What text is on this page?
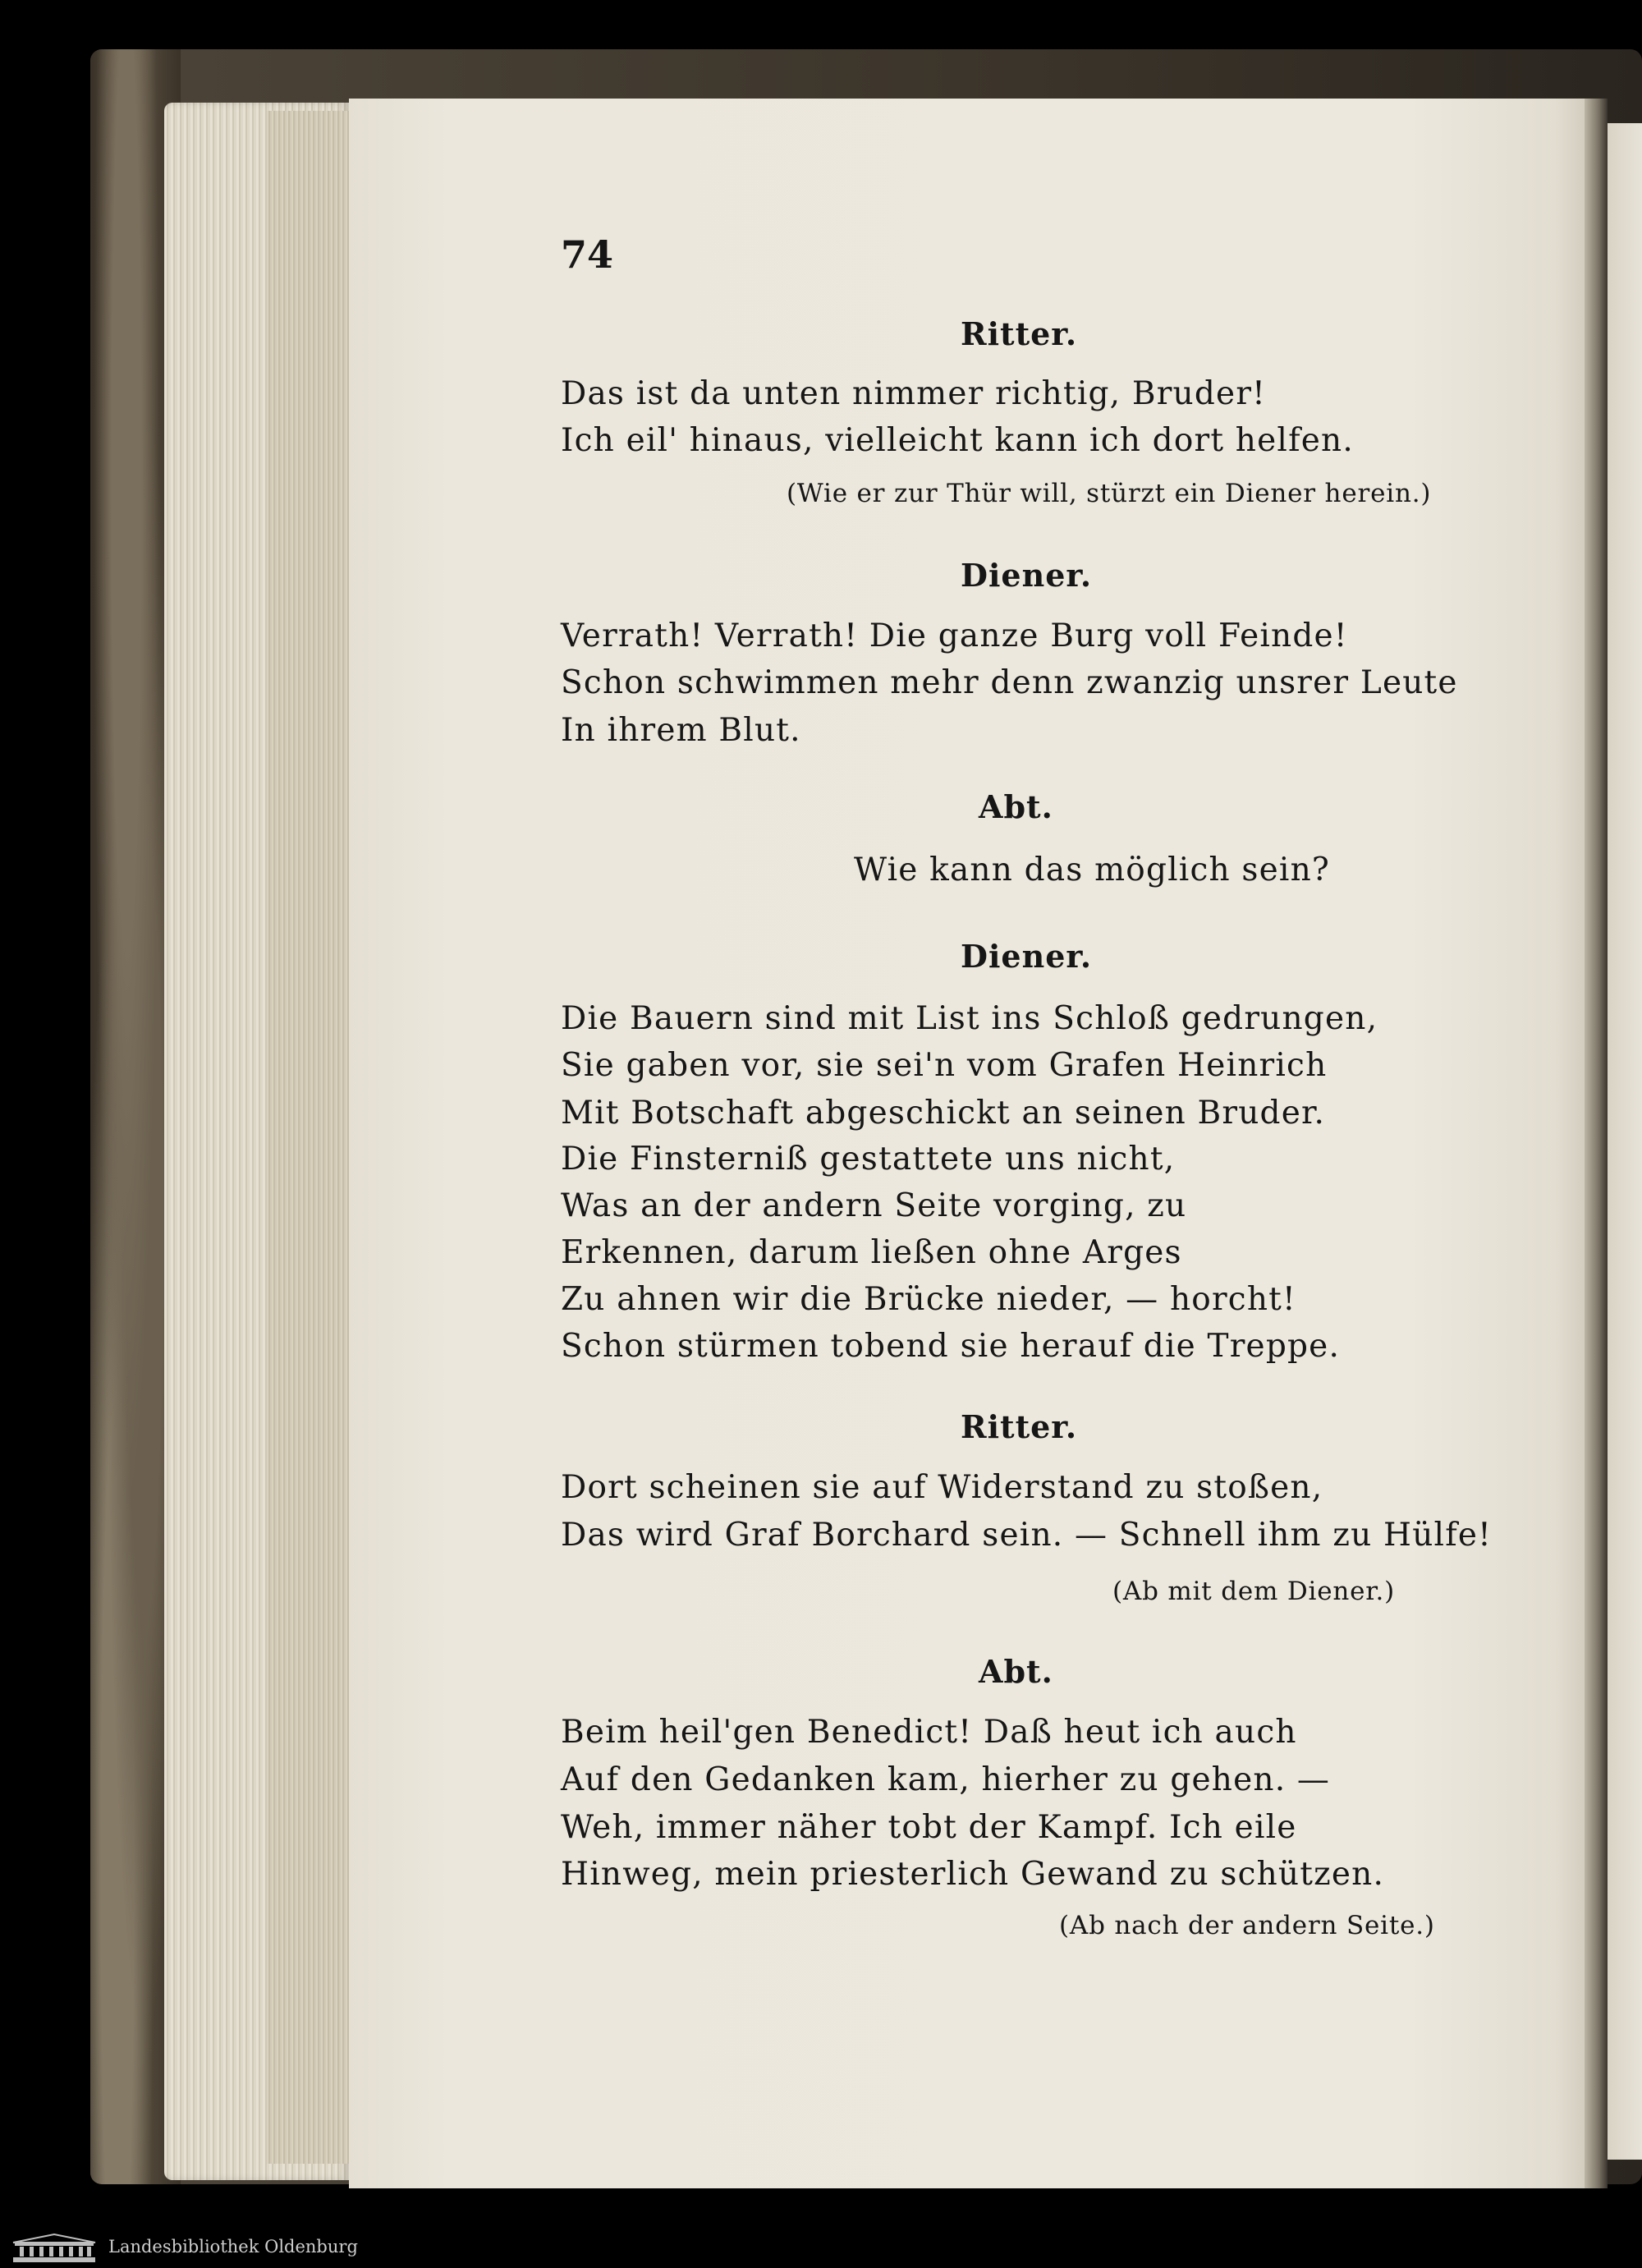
74

Ritter.

Das ist da unten nimmer richtig, Bruder!

Ich eil' hinaus, vielleicht kann ich dort helfen.

(Wie er zur Thür will, stürzt ein Diener herein.)

Diener.

Verrath! Verrath! Die ganze Burg voll Feinde!

Schon schwimmen mehr denn zwanzig unsrer Leute

In ihrem Blut.

Abt.

Wie kann das möglich sein?

Diener.

Die Bauern sind mit List ins Schloß gedrungen,

Sie gaben vor, sie sei'n vom Grafen Heinrich

Mit Botschaft abgeschickt an seinen Bruder.

Die Finsterniß gestattete uns nicht,

Was an der andern Seite vorging, zu

Erkennen, darum ließen ohne Arges

Zu ahnen wir die Brücke nieder, — horcht!

Schon stürmen tobend sie herauf die Treppe.

Ritter.

Dort scheinen sie auf Widerstand zu stoßen,

Das wird Graf Borchard sein. — Schnell ihm zu Hülfe!

(Ab mit dem Diener.)

Abt.

Beim heil'gen Benedict! Daß heut ich auch

Auf den Gedanken kam, hierher zu gehen. —

Weh, immer näher tobt der Kampf. Ich eile

Hinweg, mein priesterlich Gewand zu schützen.

(Ab nach der andern Seite.)

Landesbibliothek Oldenburg
